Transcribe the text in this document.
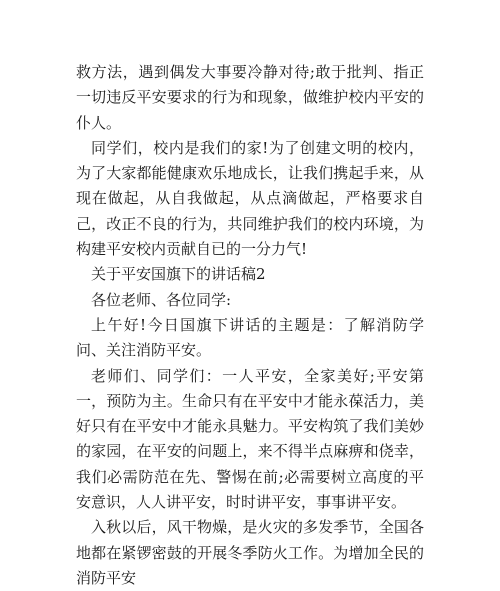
救方法，遇到偶发大事要冷静对待;敢于批判、指正一切违反平安要求的行为和现象，做维护校内平安的仆人。

同学们，校内是我们的家!为了创建文明的校内，为了大家都能健康欢乐地成长，让我们携起手来，从现在做起，从自我做起，从点滴做起，严格要求自己，改正不良的行为，共同维护我们的校内环境，为构建平安校内贡献自已的一分力气!

关于平安国旗下的讲话稿2

各位老师、各位同学:

上午好!今日国旗下讲话的主题是：了解消防学问、关注消防平安。

老师们、同学们：一人平安，全家美好;平安第一，预防为主。生命只有在平安中才能永葆活力，美好只有在平安中才能永具魅力。平安构筑了我们美妙的家园，在平安的问题上，来不得半点麻痹和侥幸，我们必需防范在先、警惕在前;必需要树立高度的平安意识，人人讲平安，时时讲平安，事事讲平安。

入秋以后，风干物燥，是火灾的多发季节，全国各地都在紧锣密鼓的开展冬季防火工作。为增加全民的消防平安
